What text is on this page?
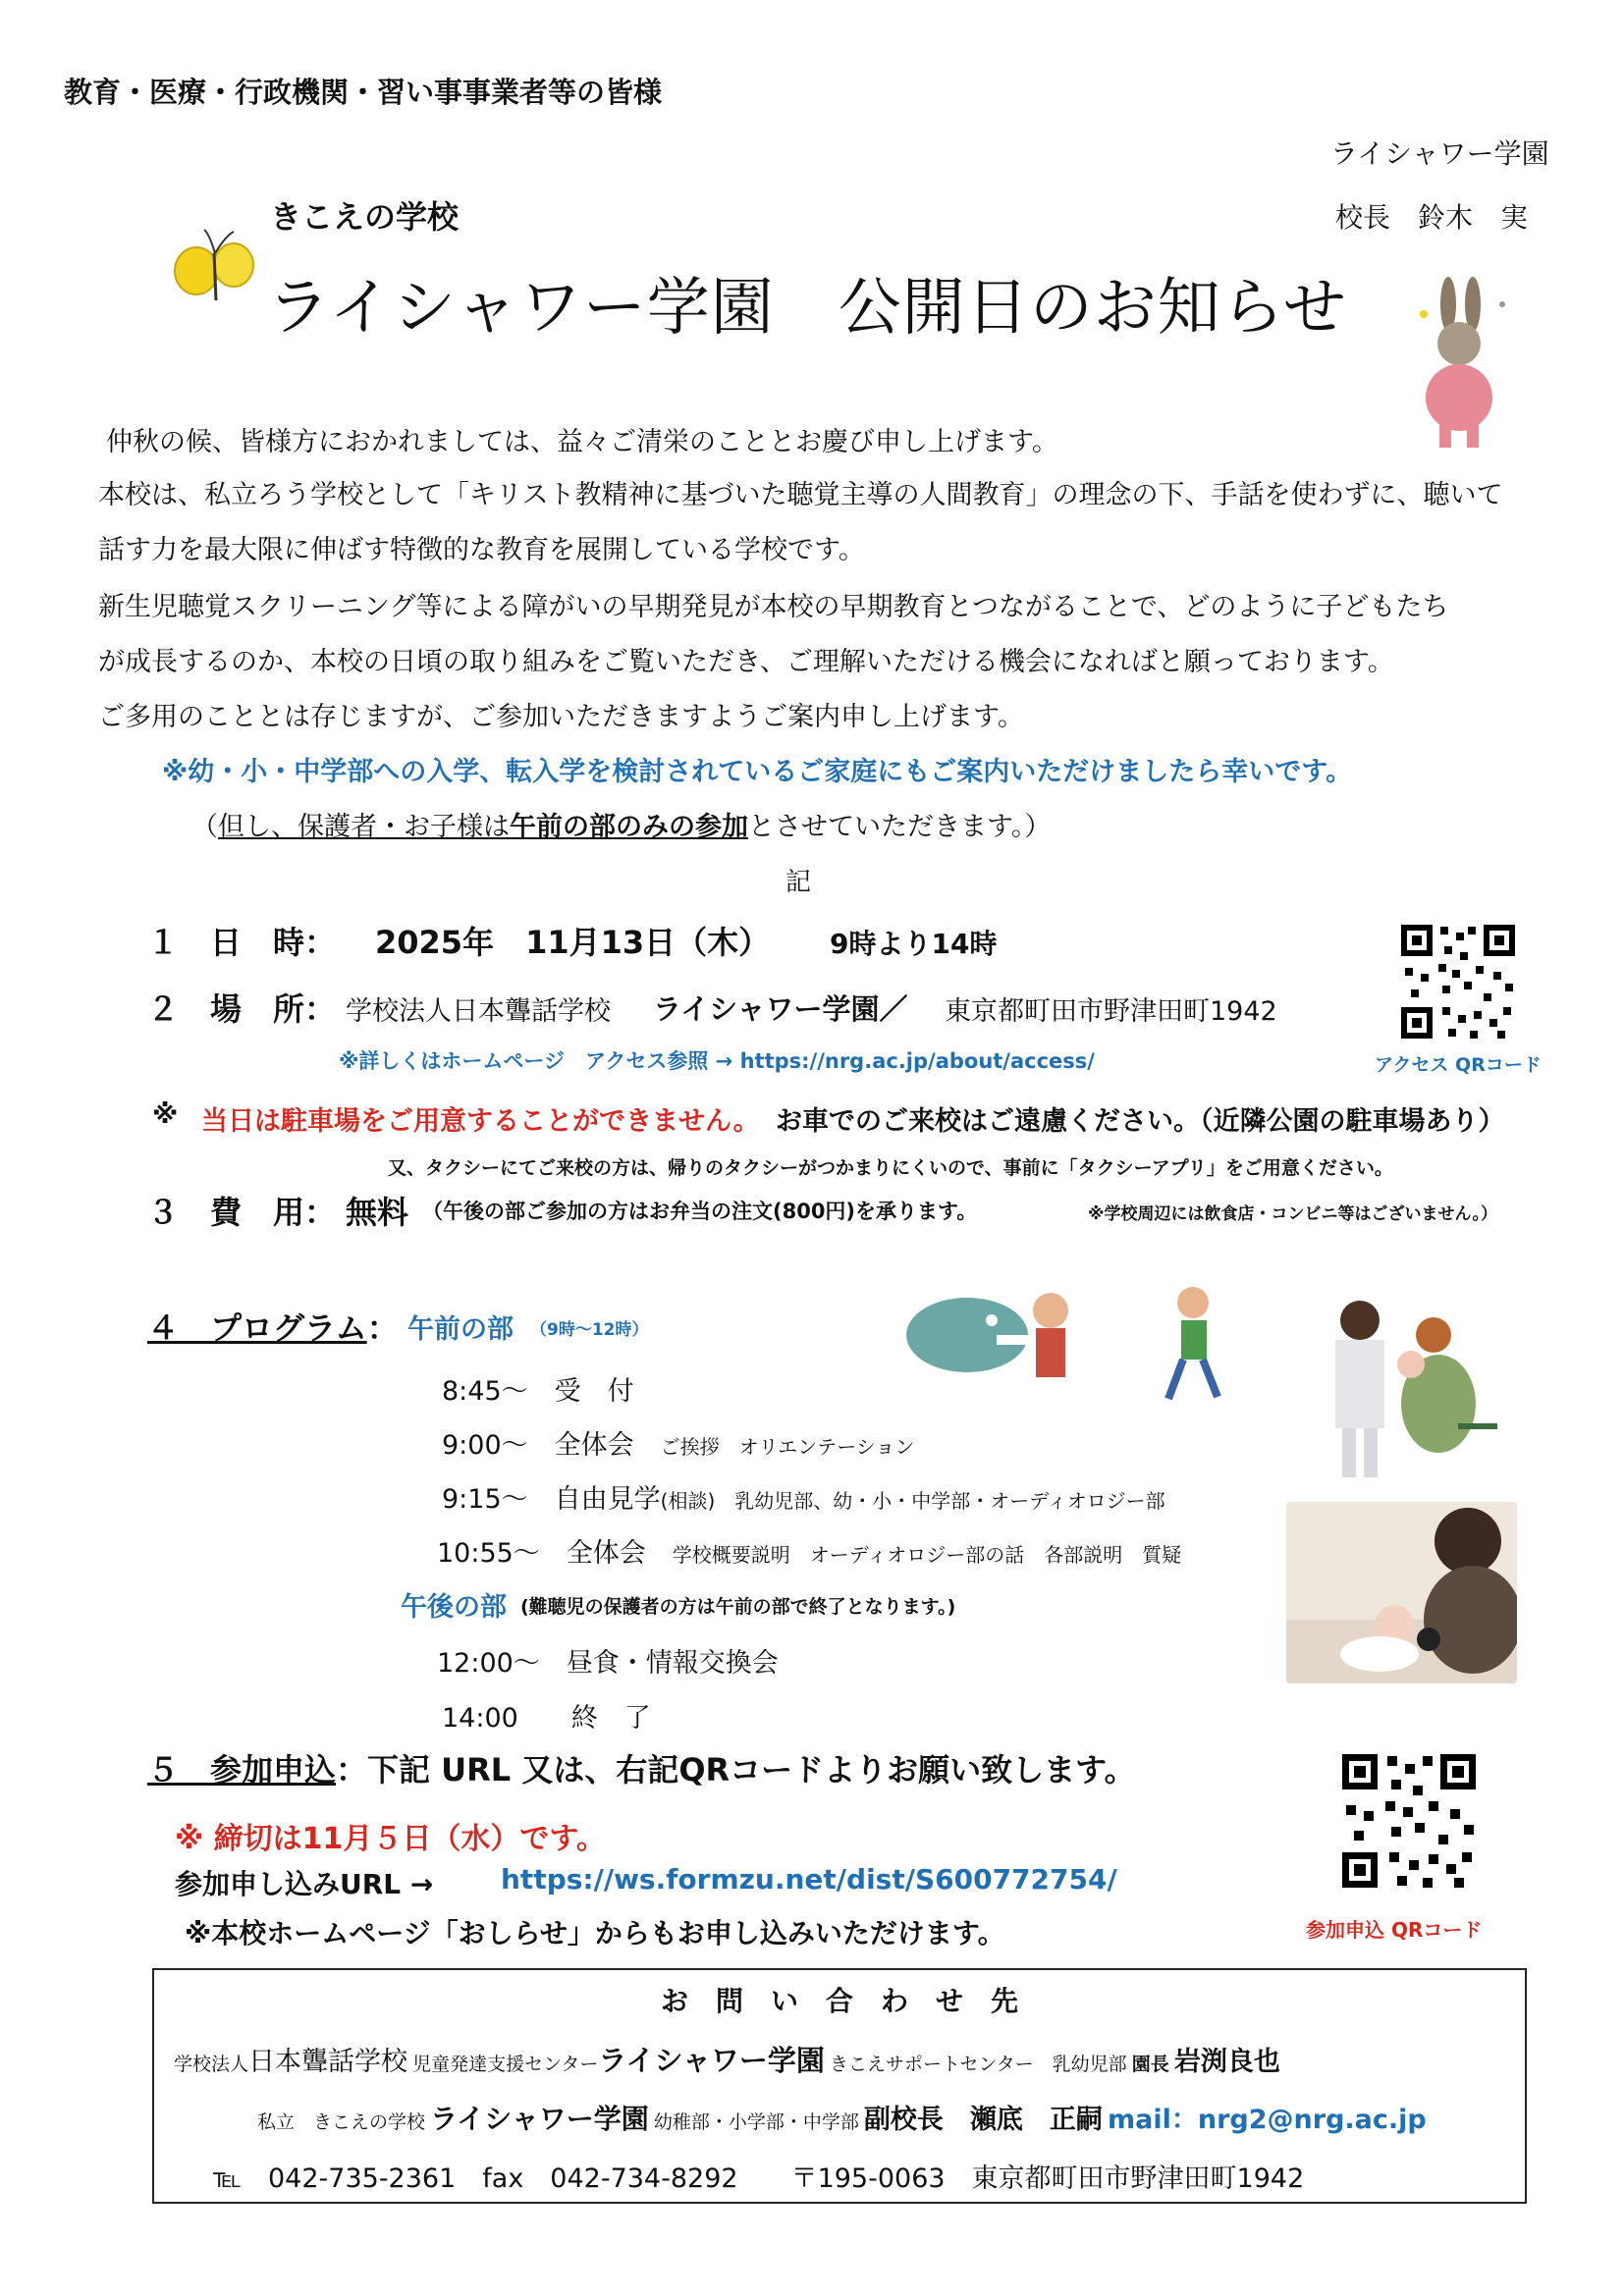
教育・医療・行政機関・習い事事業者等の皆様
ライシャワー学園
校長　鈴木　実
きこえの学校
ライシャワー学園　公開日のお知らせ
仲秋の候、皆様方におかれましては、益々ご清栄のこととお慶び申し上げます。
本校は、私立ろう学校として「キリスト教精神に基づいた聴覚主導の人間教育」の理念の下、手話を使わずに、聴いて
話す力を最大限に伸ばす特徴的な教育を展開している学校です。
新生児聴覚スクリーニング等による障がいの早期発見が本校の早期教育とつながることで、どのように子どもたち
が成長するのか、本校の日頃の取り組みをご覧いただき、ご理解いただける機会になればと願っております。
ご多用のこととは存じますが、ご参加いただきますようご案内申し上げます。
※幼・小・中学部への入学、転入学を検討されているご家庭にもご案内いただけましたら幸いです。
（但し、保護者・お子様は午前の部のみの参加とさせていただきます。）
記
１　日　時： 2025年　11月13日（木） 9時より14時
アクセス QRコード
２　場　所： 学校法人日本聾話学校 ライシャワー学園／ 東京都町田市野津田町1942
※詳しくはホームページ　アクセス参照 → https://nrg.ac.jp/about/access/
※ 当日は駐車場をご用意することができません。 お車でのご来校はご遠慮ください。（近隣公園の駐車場あり）
又、タクシーにてご来校の方は、帰りのタクシーがつかまりにくいので、事前に「タクシーアプリ」をご用意ください。
３　費　用： 無料 （午後の部ご参加の方はお弁当の注文(800円)を承ります。	※学校周辺には飲食店・コンビニ等はございません。）
４　プログラム： 午前の部 （9時～12時）
8:45～　 受　付
9:00～　 全体会　 ご挨拶　オリエンテーション
9:15～　 自由見学(相談)　乳幼児部、幼・小・中学部・オーディオロジー部
10:55～　 全体会　 学校概要説明　オーディオロジー部の話　各部説明　質疑
午後の部 (難聴児の保護者の方は午前の部で終了となります。)
12:00～　 昼食・情報交換会
14:00　　 終　了
５　参加申込：下記 URL 又は、右記QRコードよりお願い致します。
※ 締切は11月５日（水）です。
参加申し込みURL → https://ws.formzu.net/dist/S600772754/
※本校ホームページ「おしらせ」からもお申し込みいただけます。	参加申込 QRコード
お　問　い　合　わ　せ　先
学校法人日本聾話学校 児童発達支援センターライシャワー学園 きこえサポートセンター　乳幼児部 園長 岩渕良也
私立　きこえの学校 ライシャワー学園 幼稚部・小学部・中学部 副校長　瀬底　正嗣 mail：nrg2@nrg.ac.jp
℡　042-735-2361　fax　042-734-8292　　〒195-0063　東京都町田市野津田町1942
